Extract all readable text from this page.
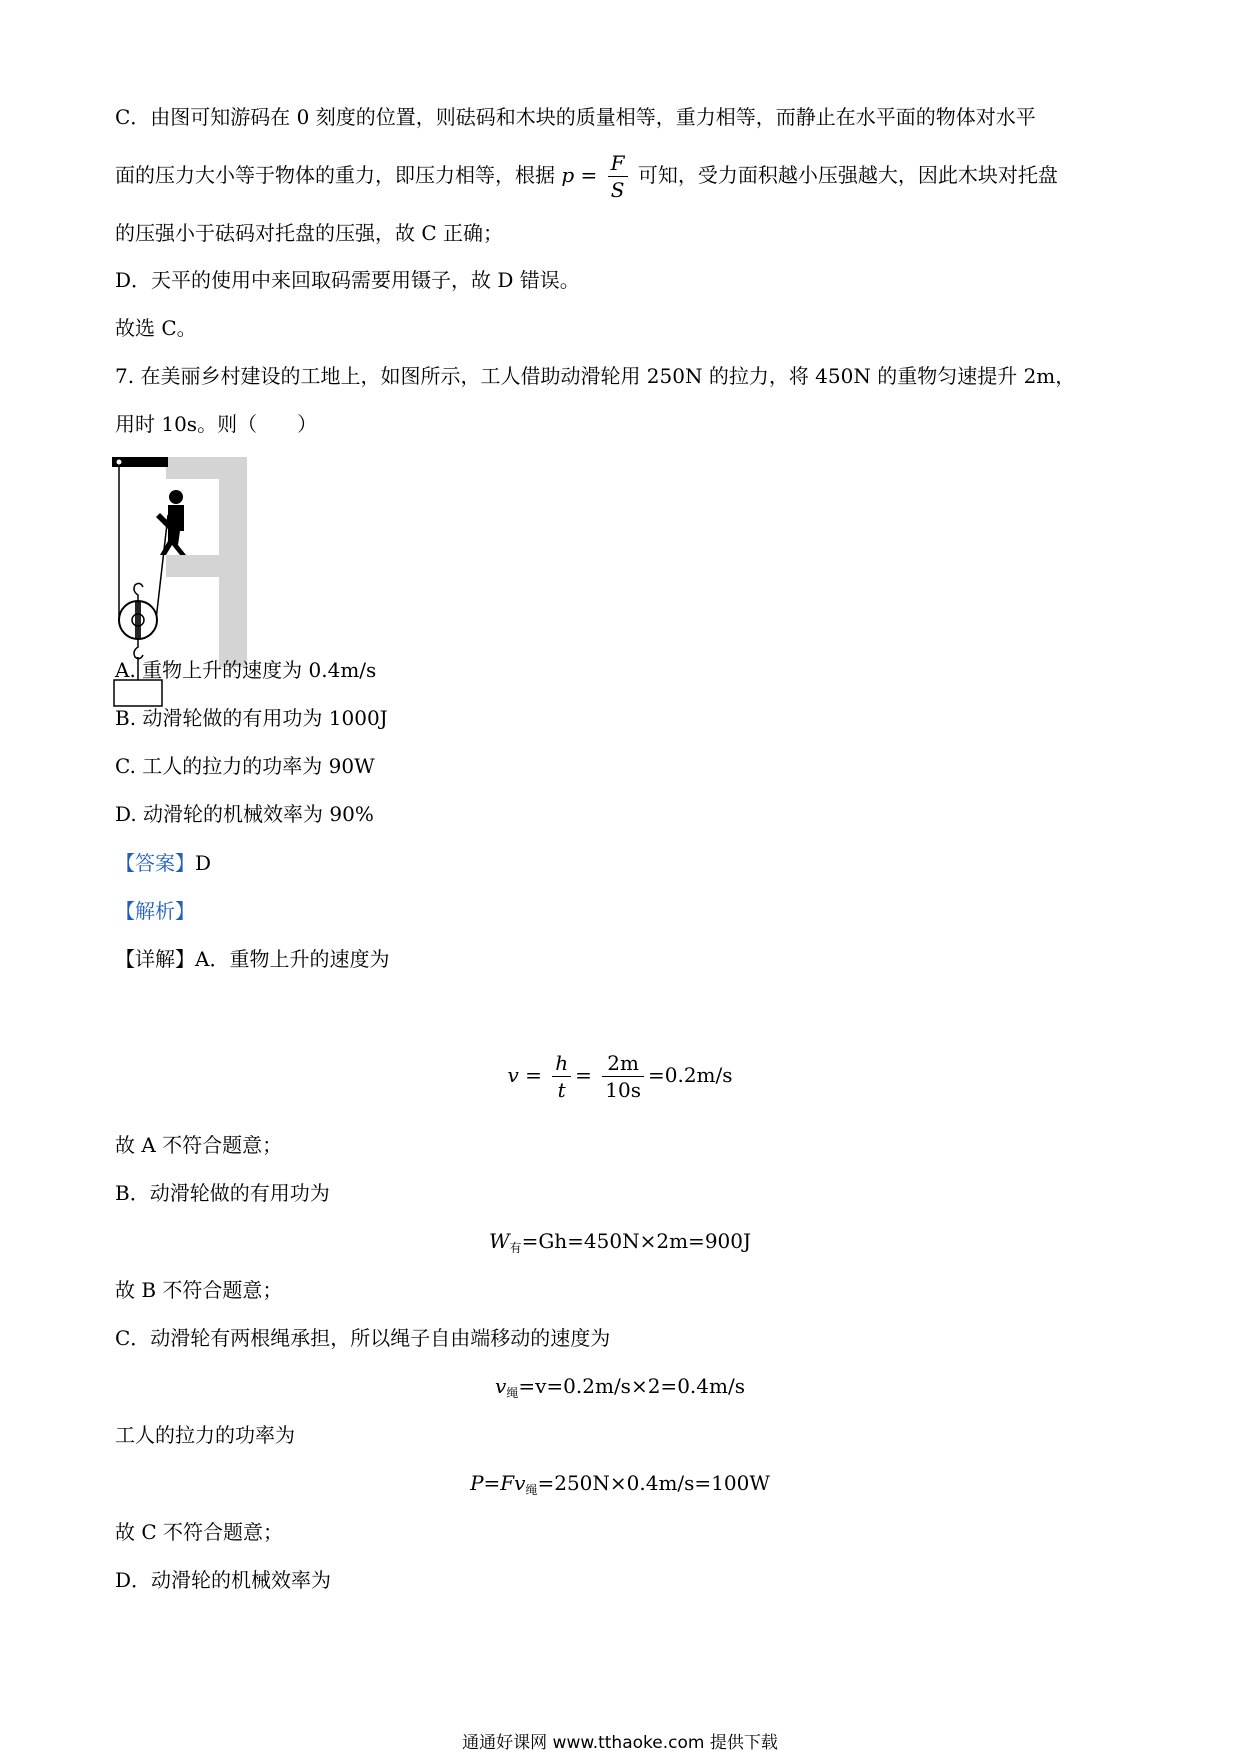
C．由图可知游码在 0 刻度的位置，则砝码和木块的质量相等，重力相等，而静止在水平面的物体对水平
面的压力大小等于物体的重力，即压力相等，根据 $p = \frac{F}{S}$ 可知，受力面积越小压强越大，因此木块对托盘
的压强小于砝码对托盘的压强，故 C 正确；
D．天平的使用中来回取码需要用镊子，故 D 错误。
故选 C。
7. 在美丽乡村建设的工地上，如图所示，工人借助动滑轮用 250N 的拉力，将 450N 的重物匀速提升 2m，
用时 10s。则（　　）
A. 重物上升的速度为 0.4m/s
B. 动滑轮做的有用功为 1000J
C. 工人的拉力的功率为 90W
D. 动滑轮的机械效率为 90%
【答案】D
【解析】
【详解】A．重物上升的速度为
$v = \frac{h}{t} = \frac{2m}{10s} =0.2m/s$
故 A 不符合题意；
B．动滑轮做的有用功为
$W_有=Gh=450N\times 2m=900J$
故 B 不符合题意；
C．动滑轮有两根绳承担，所以绳子自由端移动的速度为
$v_绳=v=0.2m/s\times 2=0.4m/s$
工人的拉力的功率为
$P=Fv_绳=250N\times 0.4m/s=100W$
故 C 不符合题意；
D．动滑轮的机械效率为
通通好课网 www.tthaoke.com 提供下载
